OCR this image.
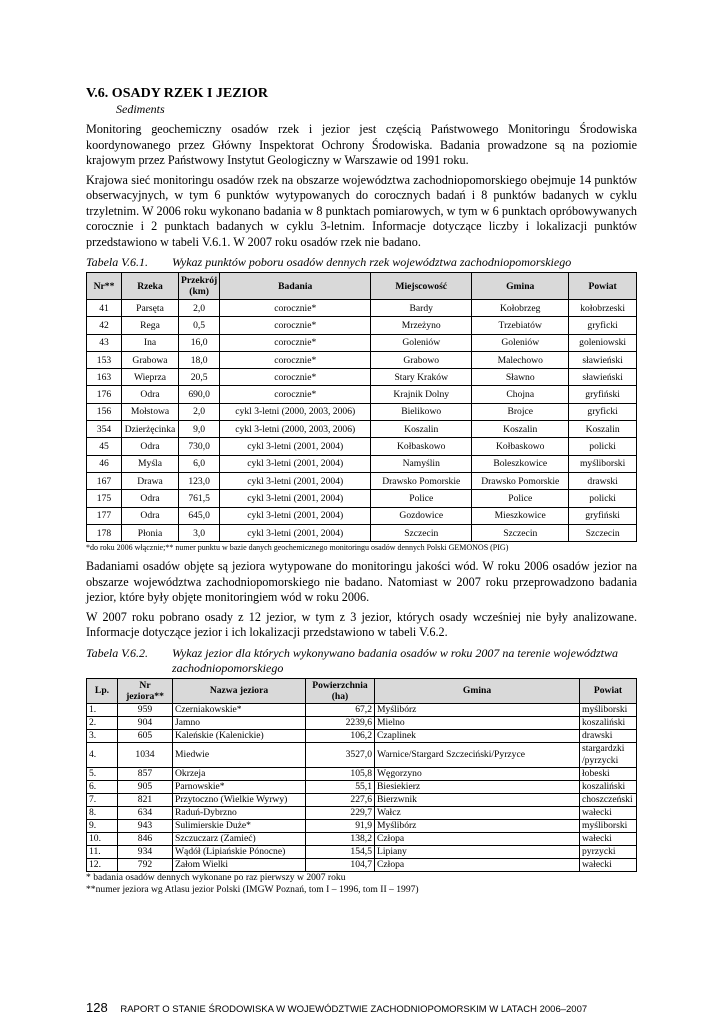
V.6. OSADY RZEK I JEZIOR
Sediments

Monitoring geochemiczny osadów rzek i jezior jest częścią Państwowego Monitoringu Środowiska koordynowanego przez Główny Inspektorat Ochrony Środowiska. Badania prowadzone są na poziomie krajowym przez Państwowy Instytut Geologiczny w Warszawie od 1991 roku.

Krajowa sieć monitoringu osadów rzek na obszarze województwa zachodniopomorskiego obejmuje 14 punktów obserwacyjnych, w tym 6 punktów wytypowanych do corocznych badań i 8 punktów badanych w cyklu trzyletnim. W 2006 roku wykonano badania w 8 punktach pomiarowych, w tym w 6 punktach opróbowywanych corocznie i 2 punktach badanych w cyklu 3-letnim. Informacje dotyczące liczby i lokalizacji punktów przedstawiono w tabeli V.6.1. W 2007 roku osadów rzek nie badano.

Tabela V.6.1.	Wykaz punktów poboru osadów dennych rzek województwa zachodniopomorskiego
Nr**	Rzeka	Przekrój (km)	Badania	Miejscowość	Gmina	Powiat
41	Parsęta	2,0	corocznie*	Bardy	Kołobrzeg	kołobrzeski
42	Rega	0,5	corocznie*	Mrzeżyno	Trzebiatów	gryficki
43	Ina	16,0	corocznie*	Goleniów	Goleniów	goleniowski
153	Grabowa	18,0	corocznie*	Grabowo	Malechowo	sławieński
163	Wieprza	20,5	corocznie*	Stary Kraków	Sławno	sławieński
176	Odra	690,0	corocznie*	Krajnik Dolny	Chojna	gryfiński
156	Mołstowa	2,0	cykl 3-letni (2000, 2003, 2006)	Bielikowo	Brojce	gryficki
354	Dzierżęcinka	9,0	cykl 3-letni (2000, 2003, 2006)	Koszalin	Koszalin	Koszalin
45	Odra	730,0	cykl 3-letni (2001, 2004)	Kołbaskowo	Kołbaskowo	policki
46	Myśla	6,0	cykl 3-letni (2001, 2004)	Namyślin	Boleszkowice	myśliborski
167	Drawa	123,0	cykl 3-letni (2001, 2004)	Drawsko Pomorskie	Drawsko Pomorskie	drawski
175	Odra	761,5	cykl 3-letni (2001, 2004)	Police	Police	policki
177	Odra	645,0	cykl 3-letni (2001, 2004)	Gozdowice	Mieszkowice	gryfiński
178	Płonia	3,0	cykl 3-letni (2001, 2004)	Szczecin	Szczecin	Szczecin
*do roku 2006 włącznie;** numer punktu w bazie danych geochemicznego monitoringu osadów dennych Polski GEMONOS (PIG)

Badaniami osadów objęte są jeziora wytypowane do monitoringu jakości wód. W roku 2006 osadów jezior na obszarze województwa zachodniopomorskiego nie badano. Natomiast w 2007 roku przeprowadzono badania jezior, które były objęte monitoringiem wód w roku 2006.

W 2007 roku pobrano osady z 12 jezior, w tym z 3 jezior, których osady wcześniej nie były analizowane. Informacje dotyczące jezior i ich lokalizacji przedstawiono w tabeli V.6.2.

Tabela V.6.2.	Wykaz jezior dla których wykonywano badania osadów w roku 2007 na terenie województwa zachodniopomorskiego
Lp.	Nr jeziora**	Nazwa jeziora	Powierzchnia (ha)	Gmina	Powiat
1.	959	Czerniakowskie*	67,2	Myślibórz	myśliborski
2.	904	Jamno	2239,6	Mielno	koszaliński
3.	605	Kaleńskie (Kalenickie)	106,2	Czaplinek	drawski
4.	1034	Miedwie	3527,0	Warnice/Stargard Szczeciński/Pyrzyce	stargardzki /pyrzycki
5.	857	Okrzeja	105,8	Węgorzyno	łobeski
6.	905	Parnowskie*	55,1	Biesiekierz	koszaliński
7.	821	Przytoczno (Wielkie Wyrwy)	227,6	Bierzwnik	choszczeński
8.	634	Raduń-Dybrzno	229,7	Wałcz	wałecki
9.	943	Sulimierskie Duże*	91,9	Myślibórz	myśliborski
10.	846	Szczuczarz (Zamieć)	138,2	Człopa	wałecki
11.	934	Wądół (Lipiańskie Pónocne)	154,5	Lipiany	pyrzycki
12.	792	Załom Wielki	104,7	Człopa	wałecki
* badania osadów dennych wykonane po raz pierwszy w 2007 roku
**numer jeziora wg Atlasu jezior Polski (IMGW Poznań, tom I – 1996, tom II – 1997)
128 RAPORT O STANIE ŚRODOWISKA W WOJEWÓDZTWIE ZACHODNIOPOMORSKIM W LATACH 2006–2007
